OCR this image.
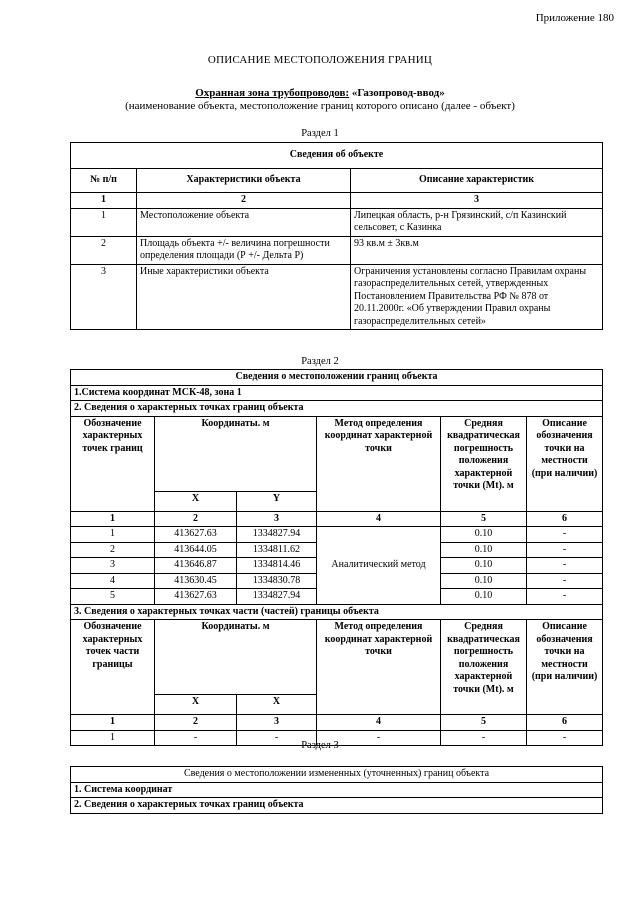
Приложение 180
ОПИСАНИЕ МЕСТОПОЛОЖЕНИЯ ГРАНИЦ
Охранная зона трубопроводов: «Газопровод-ввод»
(наименование объекта, местоположение границ которого описано (далее - объект)
Раздел 1
Сведения об объекте		
№ п/п	Характеристики объекта	Описание характеристик
1	2	3
1	Местоположение объекта	Липецкая область, р-н Грязинский, с/п Казинский сельсовет, с Казинка
2	Площадь объекта +/- величина погрешности определения площади (Р +/- Дельта Р)	93 кв.м ± 3кв.м
3	Иные характеристики объекта	Ограничения установлены согласно Правилам охраны газораспределительных сетей, утвержденных Постановлением Правительства РФ № 878 от 20.11.2000г. «Об утверждении Правил охраны газораспределительных сетей»
Раздел 2
Сведения о местоположении границ объекта					
1.Система координат МСК-48, зона 1					
2. Сведения о характерных точках границ объекта					
Обозначение характерных точек границ	Координаты. м		Метод определения координат характерной точки	Средняя квадратическая погрешность положения характерной точки (Mt). м	Описание обозначения точки на местности (при наличии)
	X	Y			
1	2	3	4	5	6
1	413627.63	1334827.94	Аналитический метод	0.10	-
2	413644.05	1334811.62		0.10	-
3	413646.87	1334814.46		0.10	-
4	413630.45	1334830.78		0.10	-
5	413627.63	1334827.94		0.10	-
3. Сведения о характерных точках части (частей) границы объекта					
Обозначение характерных точек части границы	Координаты. м		Метод определения координат характерной точки	Средняя квадратическая погрешность положения характерной точки (Mt). м	Описание обозначения точки на местности (при наличии)
	X	X			
1	2	3	4	5	6
1	-	-	-	-	-
Раздел 3
Сведения о местоположении измененных (уточненных) границ объекта
1. Система координат
2. Сведения о характерных точках границ объекта
